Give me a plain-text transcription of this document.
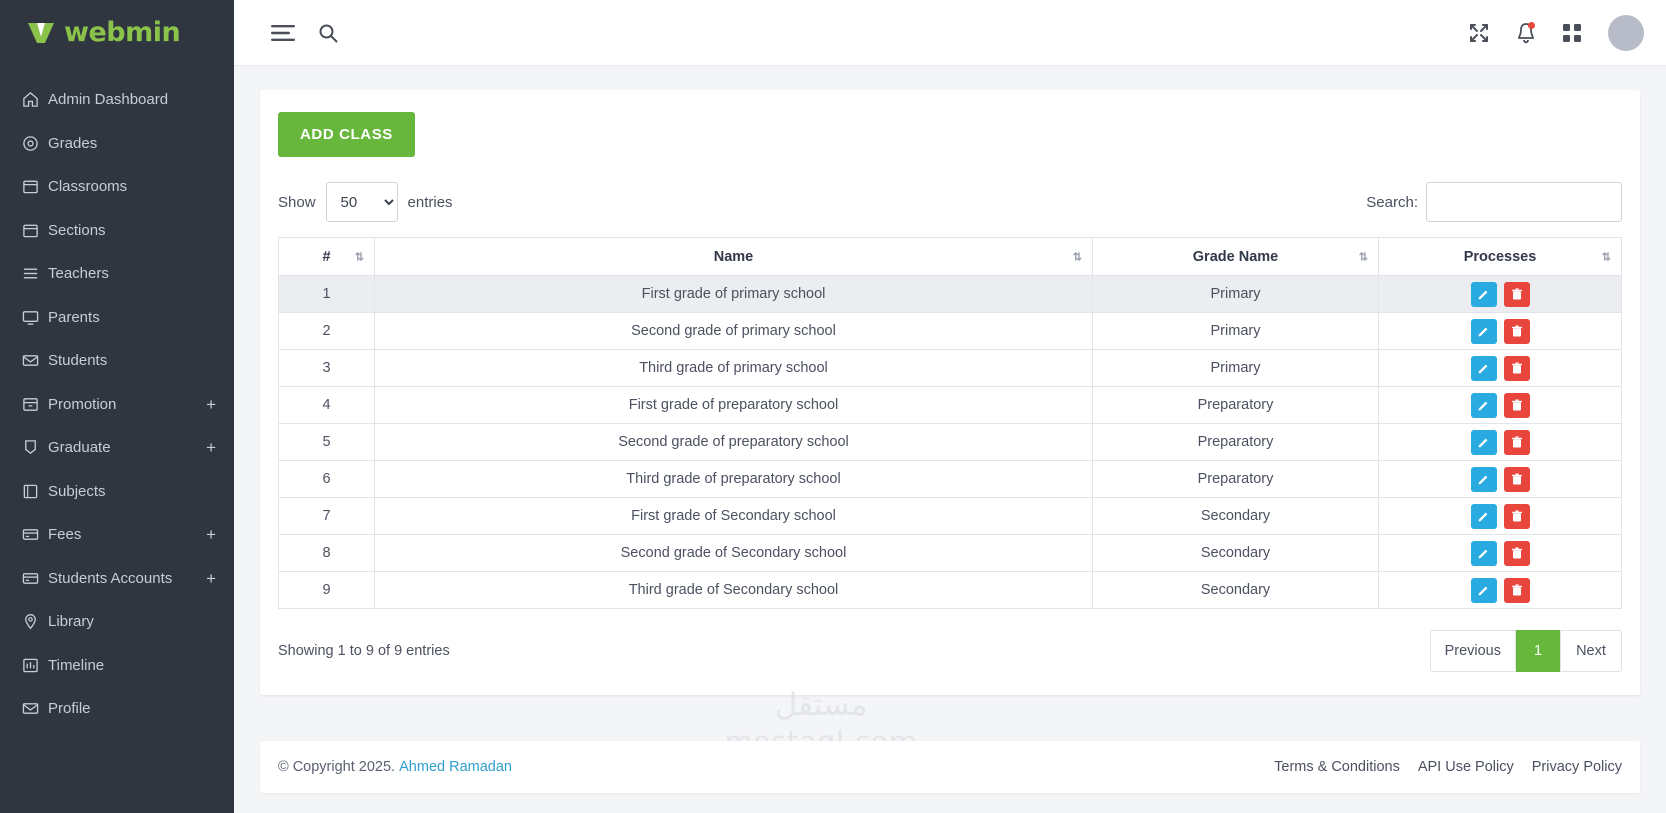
webmin
Admin Dashboard
Grades
Classrooms
Sections
Teachers
Parents
Students
Promotion	+
Graduate	+
Subjects
Fees	+
Students Accounts	+
Library
Timeline
Profile
ADD CLASS
Show
50	entries	Search:
# ⇅	Name ⇅	Grade Name ⇅	Processes ⇅

1	First grade of primary school	Primary	

2	Second grade of primary school	Primary	

3	Third grade of primary school	Primary	

4	First grade of preparatory school	Preparatory	

5	Second grade of preparatory school	Preparatory	

6	Third grade of preparatory school	Preparatory	

7	First grade of Secondary school	Secondary	

8	Second grade of Secondary school	Secondary	

9	Third grade of Secondary school	Secondary	
Showing 1 to 9 of 9 entries	Previous	1	Next
مستقل
© Copyright 2025.
Ahmed Ramadan	Terms & Conditions API Use Policy Privacy Policy
